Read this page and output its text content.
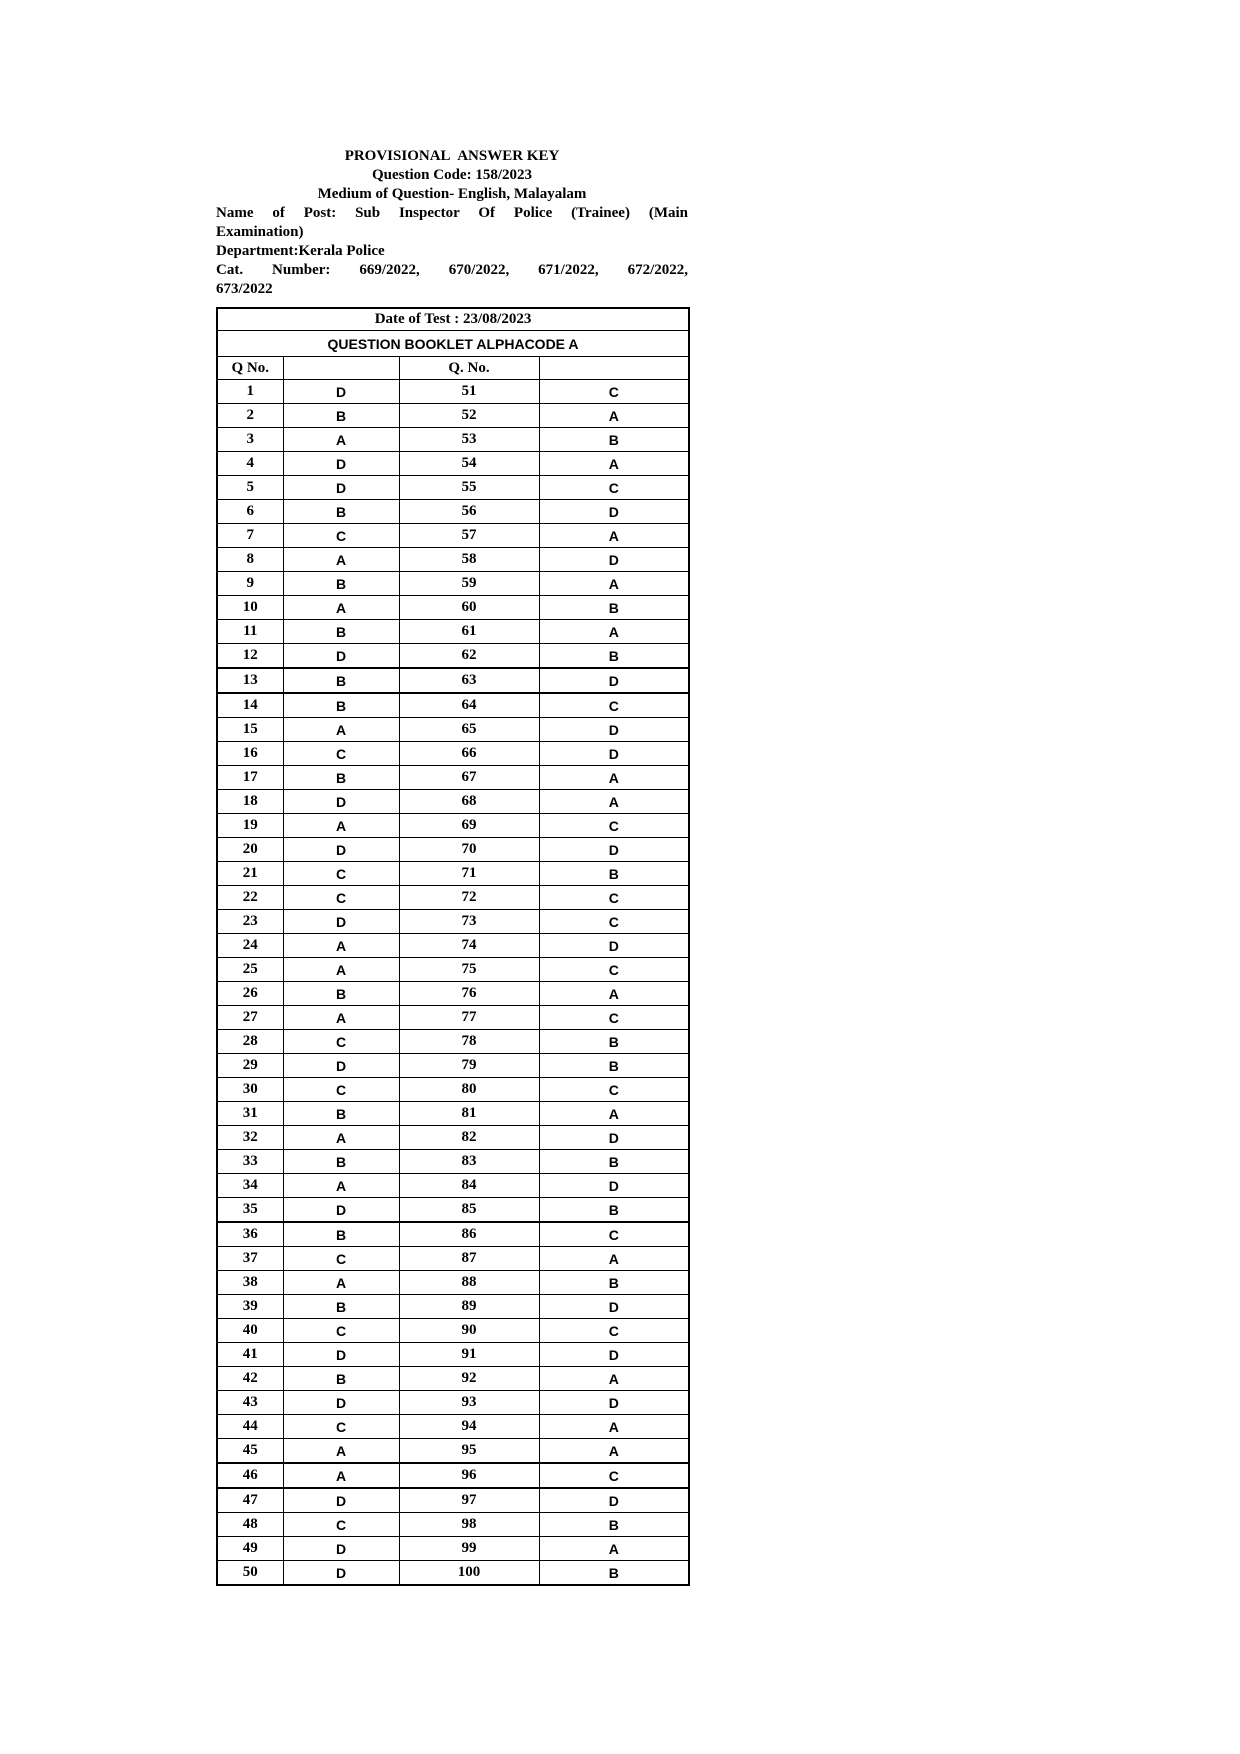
PROVISIONAL  ANSWER KEY
Question Code: 158/2023
Medium of Question- English, Malayalam
Name of Post: Sub Inspector Of Police (Trainee) (Main
Examination)
Department:Kerala Police
Cat. Number: 669/2022, 670/2022, 671/2022, 672/2022,
673/2022
Date of Test : 23/08/2023			
QUESTION BOOKLET ALPHACODE A			
Q No.		Q. No.	
1	D	51	C
2	B	52	A
3	A	53	B
4	D	54	A
5	D	55	C
6	B	56	D
7	C	57	A
8	A	58	D
9	B	59	A
10	A	60	B
11	B	61	A
12	D	62	B
13	B	63	D
14	B	64	C
15	A	65	D
16	C	66	D
17	B	67	A
18	D	68	A
19	A	69	C
20	D	70	D
21	C	71	B
22	C	72	C
23	D	73	C
24	A	74	D
25	A	75	C
26	B	76	A
27	A	77	C
28	C	78	B
29	D	79	B
30	C	80	C
31	B	81	A
32	A	82	D
33	B	83	B
34	A	84	D
35	D	85	B
36	B	86	C
37	C	87	A
38	A	88	B
39	B	89	D
40	C	90	C
41	D	91	D
42	B	92	A
43	D	93	D
44	C	94	A
45	A	95	A
46	A	96	C
47	D	97	D
48	C	98	B
49	D	99	A
50	D	100	B
